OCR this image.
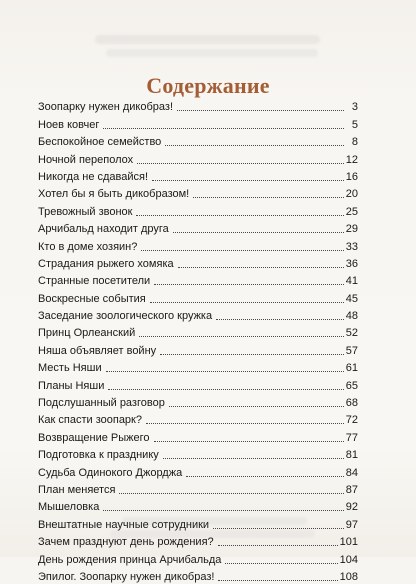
Содержание
Зоопарку нужен дикобраз!	3
Ноев ковчег	5
Беспокойное семейство	8
Ночной переполох	12
Никогда не сдавайся!	16
Хотел бы я быть дикобразом!	20
Тревожный звонок	25
Арчибальд находит друга	29
Кто в доме хозяин?	33
Страдания рыжего хомяка	36
Странные посетители	41
Воскресные события	45
Заседание зоологического кружка	48
Принц Орлеанский	52
Няша объявляет войну	57
Месть Няши	61
Планы Няши	65
Подслушанный разговор	68
Как спасти зоопарк?	72
Возвращение Рыжего	77
Подготовка к празднику	81
Судьба Одинокого Джорджа	84
План меняется	87
Мышеловка	92
Внештатные научные сотрудники	97
Зачем празднуют день рождения?	101
День рождения принца Арчибальда	104
Эпилог. Зоопарку нужен дикобраз!	108
